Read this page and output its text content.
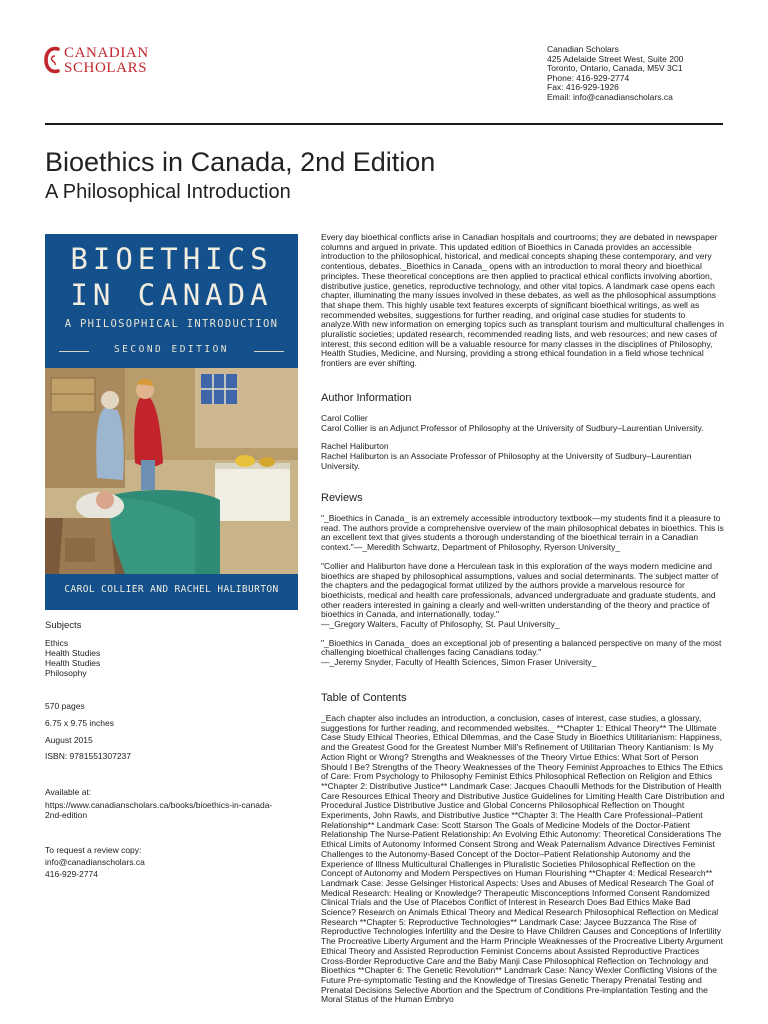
CANADIAN
SCHOLARS
Canadian Scholars
425 Adelaide Street West, Suite 200
Toronto, Ontario, Canada, M5V 3C1
Phone: 416-929-2774
Fax: 416-929-1926
Email: info@canadianscholars.ca
Bioethics in Canada, 2nd Edition
A Philosophical Introduction
BIOETHICS
IN CANADA
A PHILOSOPHICAL INTRODUCTION
SECOND EDITION
CAROL COLLIER AND RACHEL HALIBURTON
Subjects
Ethics
Health Studies
Health Studies
Philosophy
570 pages
6.75 x 9.75 inches
August 2015
ISBN: 9781551307237
Available at:
https://www.canadianscholars.ca/books/bioethics-in-canada-
2nd-edition
To request a review copy:
info@canadianscholars.ca
416-929-2774

Every day bioethical conflicts arise in Canadian hospitals and courtrooms; they are debated in newspaper columns and argued in private. This updated edition of Bioethics in Canada provides an accessible introduction to the philosophical, historical, and medical concepts shaping these contemporary, and very contentious, debates._Bioethics in Canada_ opens with an introduction to moral theory and bioethical principles. These theoretical conceptions are then applied to practical ethical conflicts involving abortion, distributive justice, genetics, reproductive technology, and other vital topics. A landmark case opens each chapter, illuminating the many issues involved in these debates, as well as the philosophical assumptions that shape them. This highly usable text features excerpts of significant bioethical writings, as well as recommended websites, suggestions for further reading, and original case studies for students to analyze.With new information on emerging topics such as transplant tourism and multicultural challenges in pluralistic societies; updated research, recommended reading lists, and web resources; and new cases of interest, this second edition will be a valuable resource for many classes in the disciplines of Philosophy, Health Studies, Medicine, and Nursing, providing a strong ethical foundation in a field whose technical frontiers are ever shifting.

Author Information

Carol Collier

Carol Collier is an Adjunct Professor of Philosophy at the University of Sudbury–Laurentian University.

Rachel Haliburton

Rachel Haliburton is an Associate Professor of Philosophy at the University of Sudbury–Laurentian University.

Reviews

"_Bioethics in Canada_ is an extremely accessible introductory textbook—my students find it a pleasure to read. The authors provide a comprehensive overview of the main philosophical debates in bioethics. This is an excellent text that gives students a thorough understanding of the bioethical terrain in a Canadian context."—_Meredith Schwartz, Department of Philosophy, Ryerson University_

"Collier and Haliburton have done a Herculean task in this exploration of the ways modern medicine and bioethics are shaped by philosophical assumptions, values and social determinants. The subject matter of the chapters and the pedagogical format utilized by the authors provide a marvelous resource for bioethicists, medical and health care professionals, advanced undergraduate and graduate students, and other readers interested in gaining a clearly and well-written understanding of the theory and practice of bioethics in Canada, and internationally, today."

—_Gregory Walters, Faculty of Philosophy, St. Paul University_

"_Bioethics in Canada_ does an exceptional job of presenting a balanced perspective on many of the most challenging bioethical challenges facing Canadians today."

—_Jeremy Snyder, Faculty of Health Sciences, Simon Fraser University_

Table of Contents

_Each chapter also includes an introduction, a conclusion, cases of interest, case studies, a glossary, suggestions for further reading, and recommended websites._ **Chapter 1: Ethical Theory** The Ultimate Case Study Ethical Theories, Ethical Dilemmas, and the Case Study in Bioethics Utilitarianism: Happiness, and the Greatest Good for the Greatest Number Mill's Refinement of Utilitarian Theory Kantianism: Is My Action Right or Wrong? Strengths and Weaknesses of the Theory Virtue Ethics: What Sort of Person Should I Be? Strengths of the Theory Weaknesses of the Theory Feminist Approaches to Ethics The Ethics of Care: From Psychology to Philosophy Feminist Ethics Philosophical Reflection on Religion and Ethics **Chapter 2: Distributive Justice** Landmark Case: Jacques Chaoulli Methods for the Distribution of Health Care Resources Ethical Theory and Distributive Justice Guidelines for Limiting Health Care Distribution and Procedural Justice Distributive Justice and Global Concerns Philosophical Reflection on Thought Experiments, John Rawls, and Distributive Justice **Chapter 3: The Health Care Professional–Patient Relationship** Landmark Case: Scott Starson The Goals of Medicine Models of the Doctor-Patient Relationship The Nurse-Patient Relationship: An Evolving Ethic Autonomy: Theoretical Considerations The Ethical Limits of Autonomy Informed Consent Strong and Weak Paternalism Advance Directives Feminist Challenges to the Autonomy-Based Concept of the Doctor–Patient Relationship Autonomy and the Experience of Illness Multicultural Challenges in Pluralistic Societies Philosophical Reflection on the Concept of Autonomy and Modern Perspectives on Human Flourishing **Chapter 4: Medical Research** Landmark Case: Jesse Gelsinger Historical Aspects: Uses and Abuses of Medical Research The Goal of Medical Research: Healing or Knowledge? Therapeutic Misconceptions Informed Consent Randomized Clinical Trials and the Use of Placebos Conflict of Interest in Research Does Bad Ethics Make Bad Science? Research on Animals Ethical Theory and Medical Research Philosophical Reflection on Medical Research **Chapter 5: Reproductive Technologies** Landmark Case: Jaycee Buzzanca The Rise of Reproductive Technologies Infertility and the Desire to Have Children Causes and Conceptions of Infertility The Procreative Liberty Argument and the Harm Principle Weaknesses of the Procreative Liberty Argument Ethical Theory and Assisted Reproduction Feminist Concerns about Assisted Reproductive Practices Cross-Border Reproductive Care and the Baby Manji Case Philosophical Reflection on Technology and Bioethics **Chapter 6: The Genetic Revolution** Landmark Case: Nancy Wexler Conflicting Visions of the Future Pre-symptomatic Testing and the Knowledge of Tiresias Genetic Therapy Prenatal Testing and Prenatal Decisions Selective Abortion and the Spectrum of Conditions Pre-implantation Testing and the Moral Status of the Human Embryo
